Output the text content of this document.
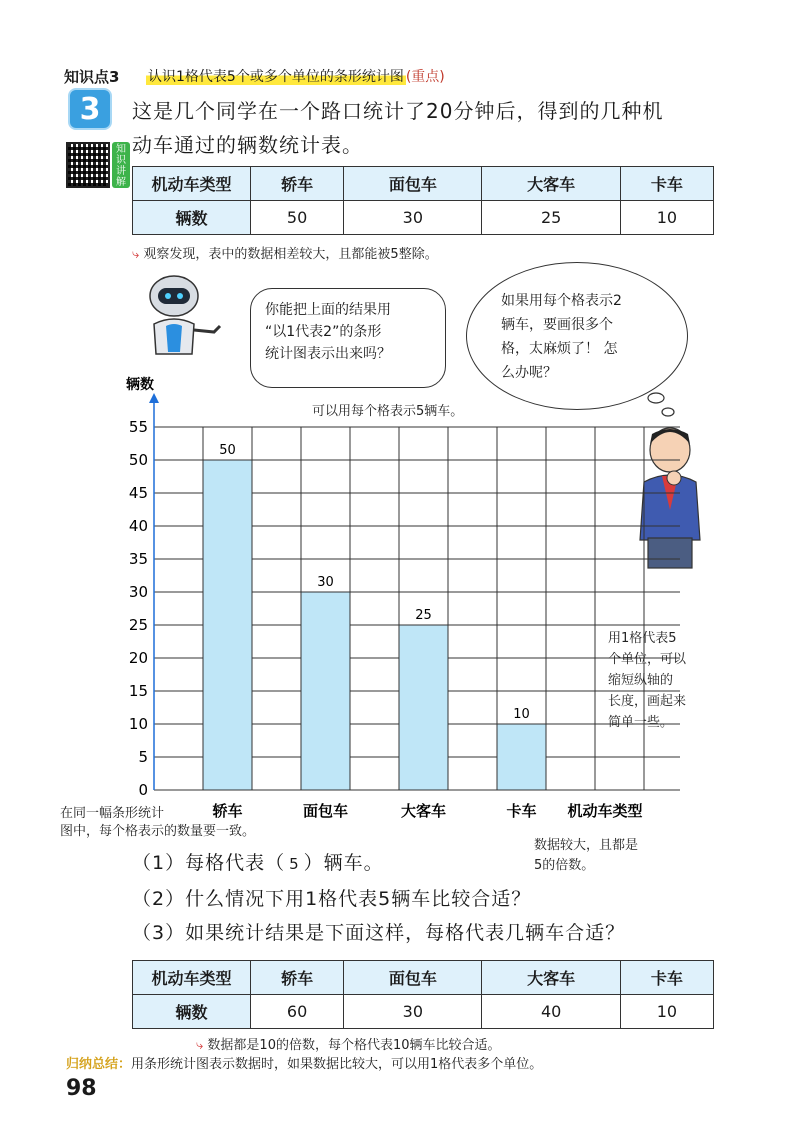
知识点3 认识1格代表5个或多个单位的条形统计图 (重点)
3
知识讲解
这是几个同学在一个路口统计了20分钟后，得到的几种机
动车通过的辆数统计表。
机动车类型	轿车	面包车	大客车	卡车
辆数	50	30	25	10
⤷ 观察发现，表中的数据相差较大，且都能被5整除。
你能把上面的结果用
“以1代表2”的条形
统计图表示出来吗？
如果用每个格表示2
辆车，要画很多个
格，太麻烦了！ 怎
么办呢？
可以用每个格表示5辆车。
50
轿车
30
面包车
25
大客车
10
卡车
0
5
10
15
20
25
30
35
40
45
50
55
辆数
机动车类型
用1格代表5
个单位，可以
缩短纵轴的
长度，画起来
简单一些。
在同一幅条形统计
图中，每个格表示的数量要一致。
（1）每格代表（ 5 ）辆车。
数据较大，且都是
5的倍数。
（2）什么情况下用1格代表5辆车比较合适？
（3）如果统计结果是下面这样，每格代表几辆车合适？
机动车类型	轿车	面包车	大客车	卡车
辆数	60	30	40	10
⤷ 数据都是10的倍数，每个格代表10辆车比较合适。
归纳总结：用条形统计图表示数据时，如果数据比较大，可以用1格代表多个单位。
98
